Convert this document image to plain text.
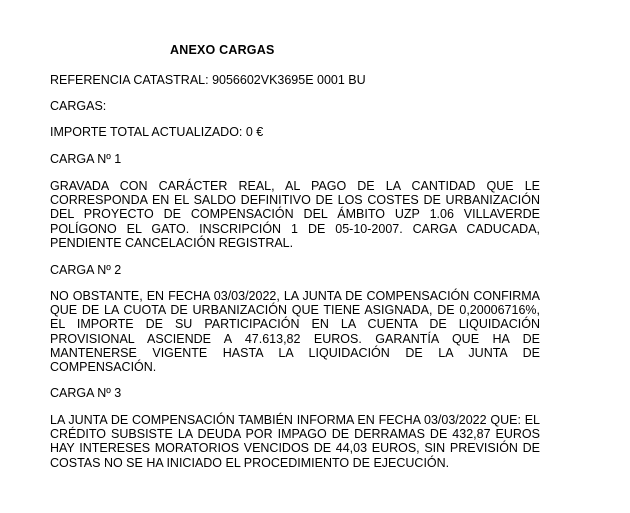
ANEXO CARGAS
REFERENCIA CATASTRAL: 9056602VK3695E 0001 BU
CARGAS:
IMPORTE TOTAL ACTUALIZADO: 0 €
CARGA Nº 1
GRAVADA CON CARÁCTER REAL, AL PAGO DE LA CANTIDAD QUE LE CORRESPONDA EN EL SALDO DEFINITIVO DE LOS COSTES DE URBANIZACIÓN DEL PROYECTO DE COMPENSACIÓN DEL ÁMBITO UZP 1.06 VILLAVERDE POLÍGONO EL GATO. INSCRIPCIÓN 1 DE 05-10-2007. CARGA CADUCADA, PENDIENTE CANCELACIÓN REGISTRAL.
CARGA Nº 2
NO OBSTANTE, EN FECHA 03/03/2022, LA JUNTA DE COMPENSACIÓN CONFIRMA QUE DE LA CUOTA DE URBANIZACIÓN QUE TIENE ASIGNADA, DE 0,20006716%, EL IMPORTE DE SU PARTICIPACIÓN EN LA CUENTA DE LIQUIDACIÓN PROVISIONAL ASCIENDE A 47.613,82 EUROS. GARANTÍA QUE HA DE MANTENERSE VIGENTE HASTA LA LIQUIDACIÓN DE LA JUNTA DE COMPENSACIÓN.
CARGA Nº 3
LA JUNTA DE COMPENSACIÓN TAMBIÉN INFORMA EN FECHA 03/03/2022 QUE: EL CRÉDITO SUBSISTE LA DEUDA POR IMPAGO DE DERRAMAS DE 432,87 EUROS HAY INTERESES MORATORIOS VENCIDOS DE 44,03 EUROS, SIN PREVISIÓN DE COSTAS NO SE HA INICIADO EL PROCEDIMIENTO DE EJECUCIÓN.
